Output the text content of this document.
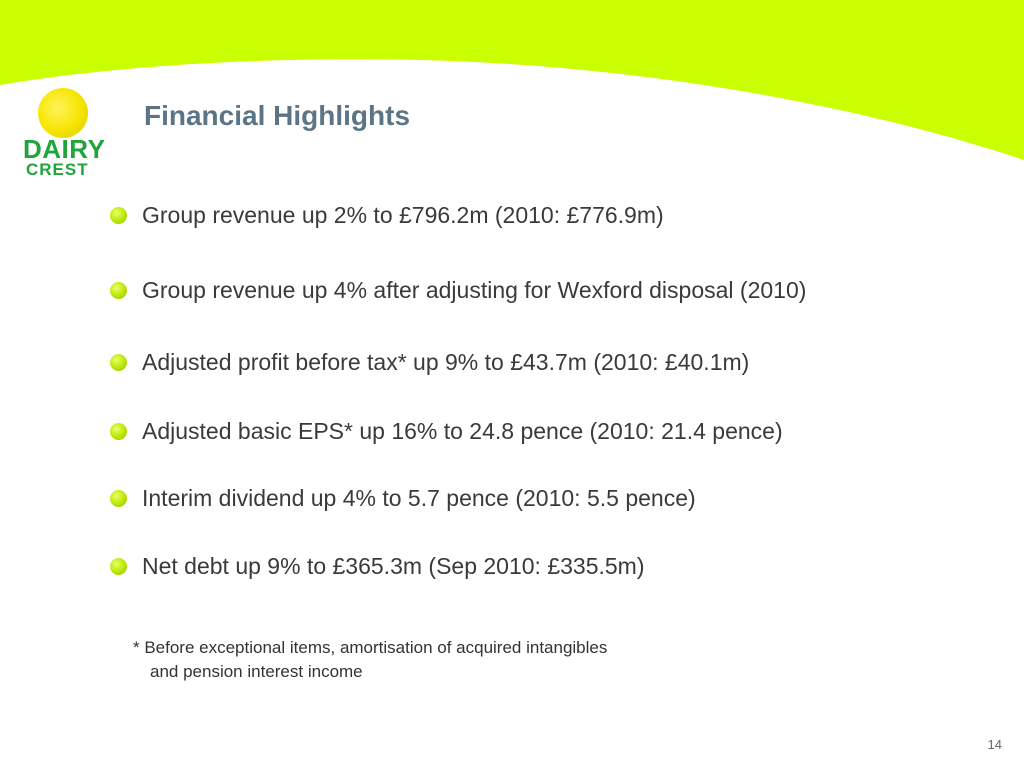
DAIRY
CREST
Financial Highlights
Group revenue up 2% to £796.2m (2010: £776.9m)
Group revenue up 4% after adjusting for Wexford disposal (2010)
Adjusted profit before tax* up 9% to £43.7m (2010: £40.1m)
Adjusted basic EPS* up 16% to 24.8 pence (2010: 21.4 pence)
Interim dividend up 4% to 5.7 pence (2010: 5.5 pence)
Net debt up 9% to £365.3m (Sep 2010: £335.5m)
* Before exceptional items, amortisation of acquired intangibles
and pension interest income
14
